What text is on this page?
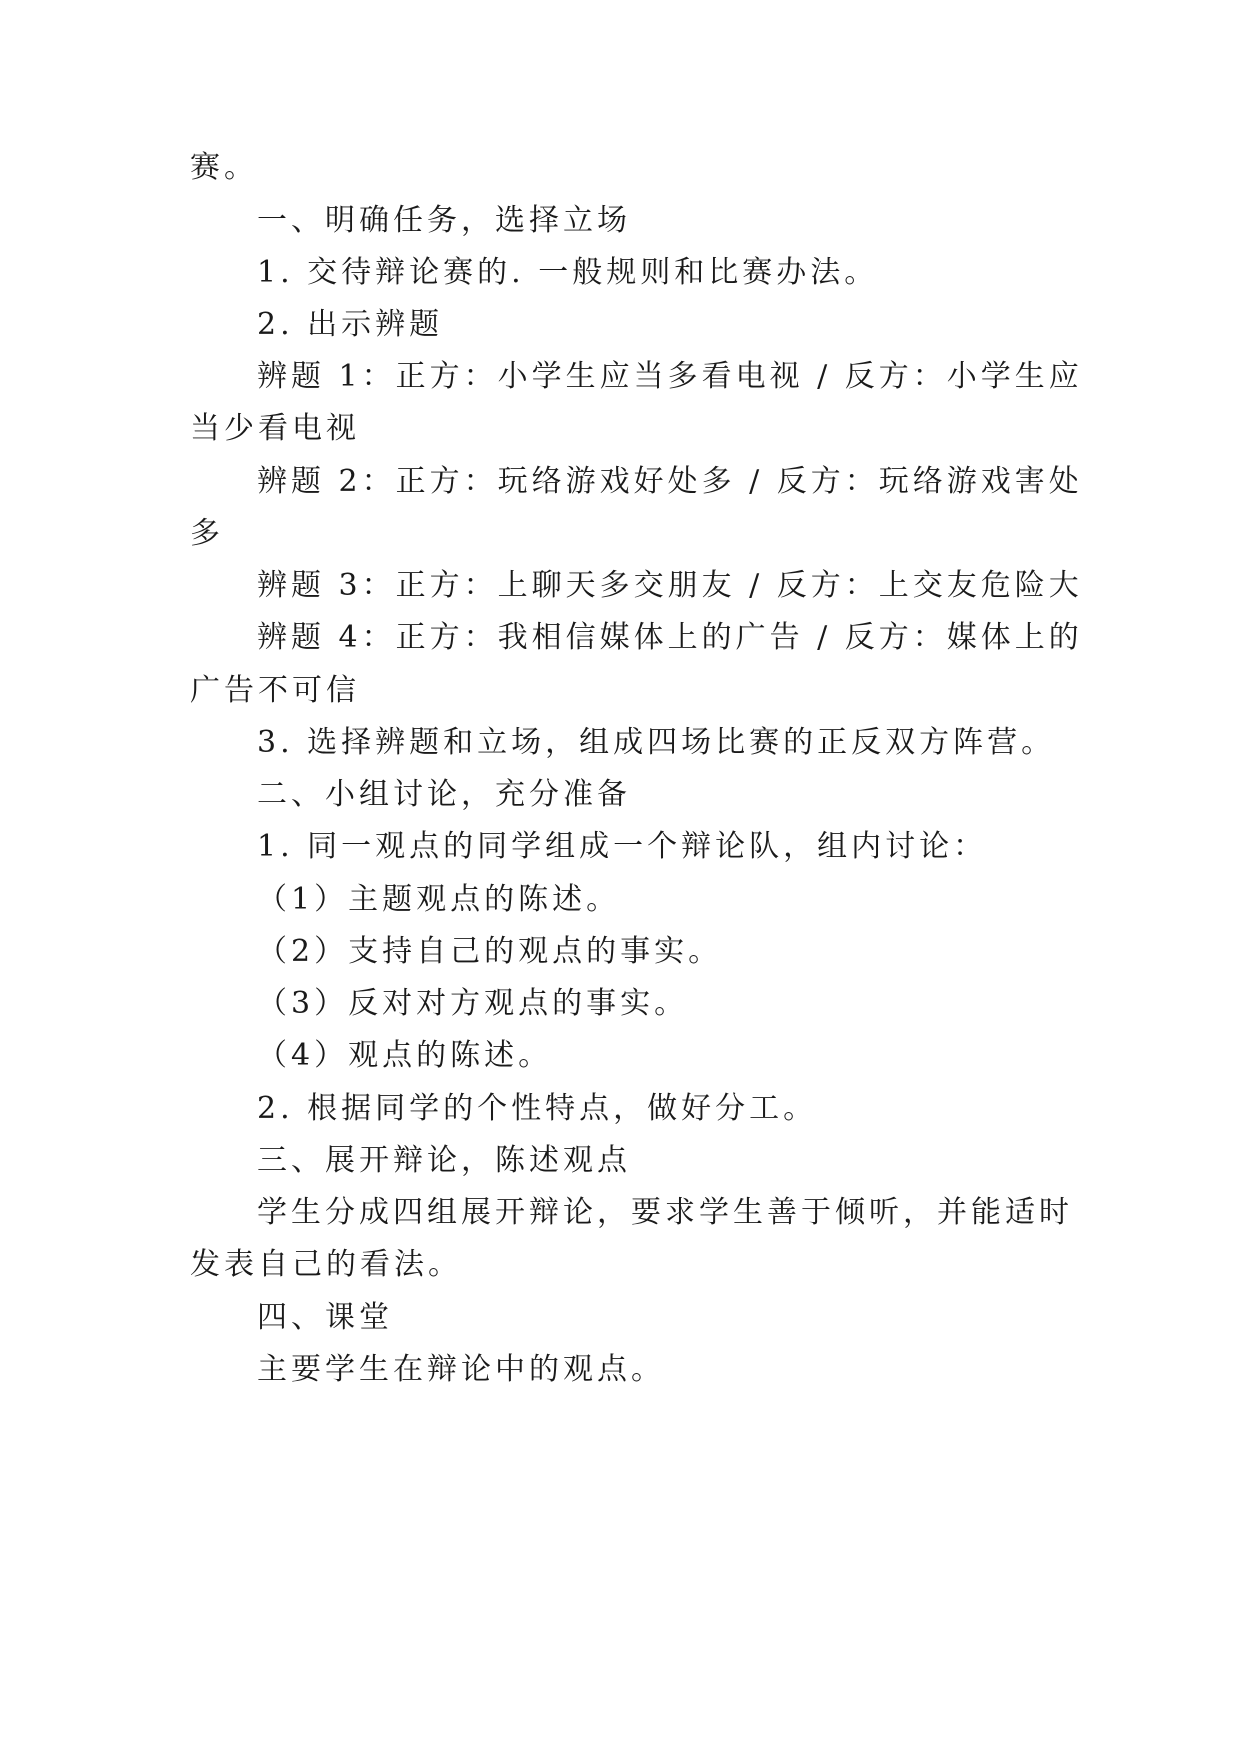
赛。
一、明确任务，选择立场
1. 交待辩论赛的. 一般规则和比赛办法。
2. 出示辨题
辨题 1：正方：小学生应当多看电视 / 反方：小学生应
当少看电视
辨题 2：正方：玩络游戏好处多 / 反方：玩络游戏害处
多
辨题 3：正方：上聊天多交朋友 / 反方：上交友危险大
辨题 4：正方：我相信媒体上的广告 / 反方：媒体上的
广告不可信
3. 选择辨题和立场，组成四场比赛的正反双方阵营。
二、小组讨论，充分准备
1. 同一观点的同学组成一个辩论队，组内讨论：
（1）主题观点的陈述。
（2）支持自己的观点的事实。
（3）反对对方观点的事实。
（4）观点的陈述。
2. 根据同学的个性特点，做好分工。
三、展开辩论，陈述观点
学生分成四组展开辩论，要求学生善于倾听，并能适时
发表自己的看法。
四、课堂
主要学生在辩论中的观点。
